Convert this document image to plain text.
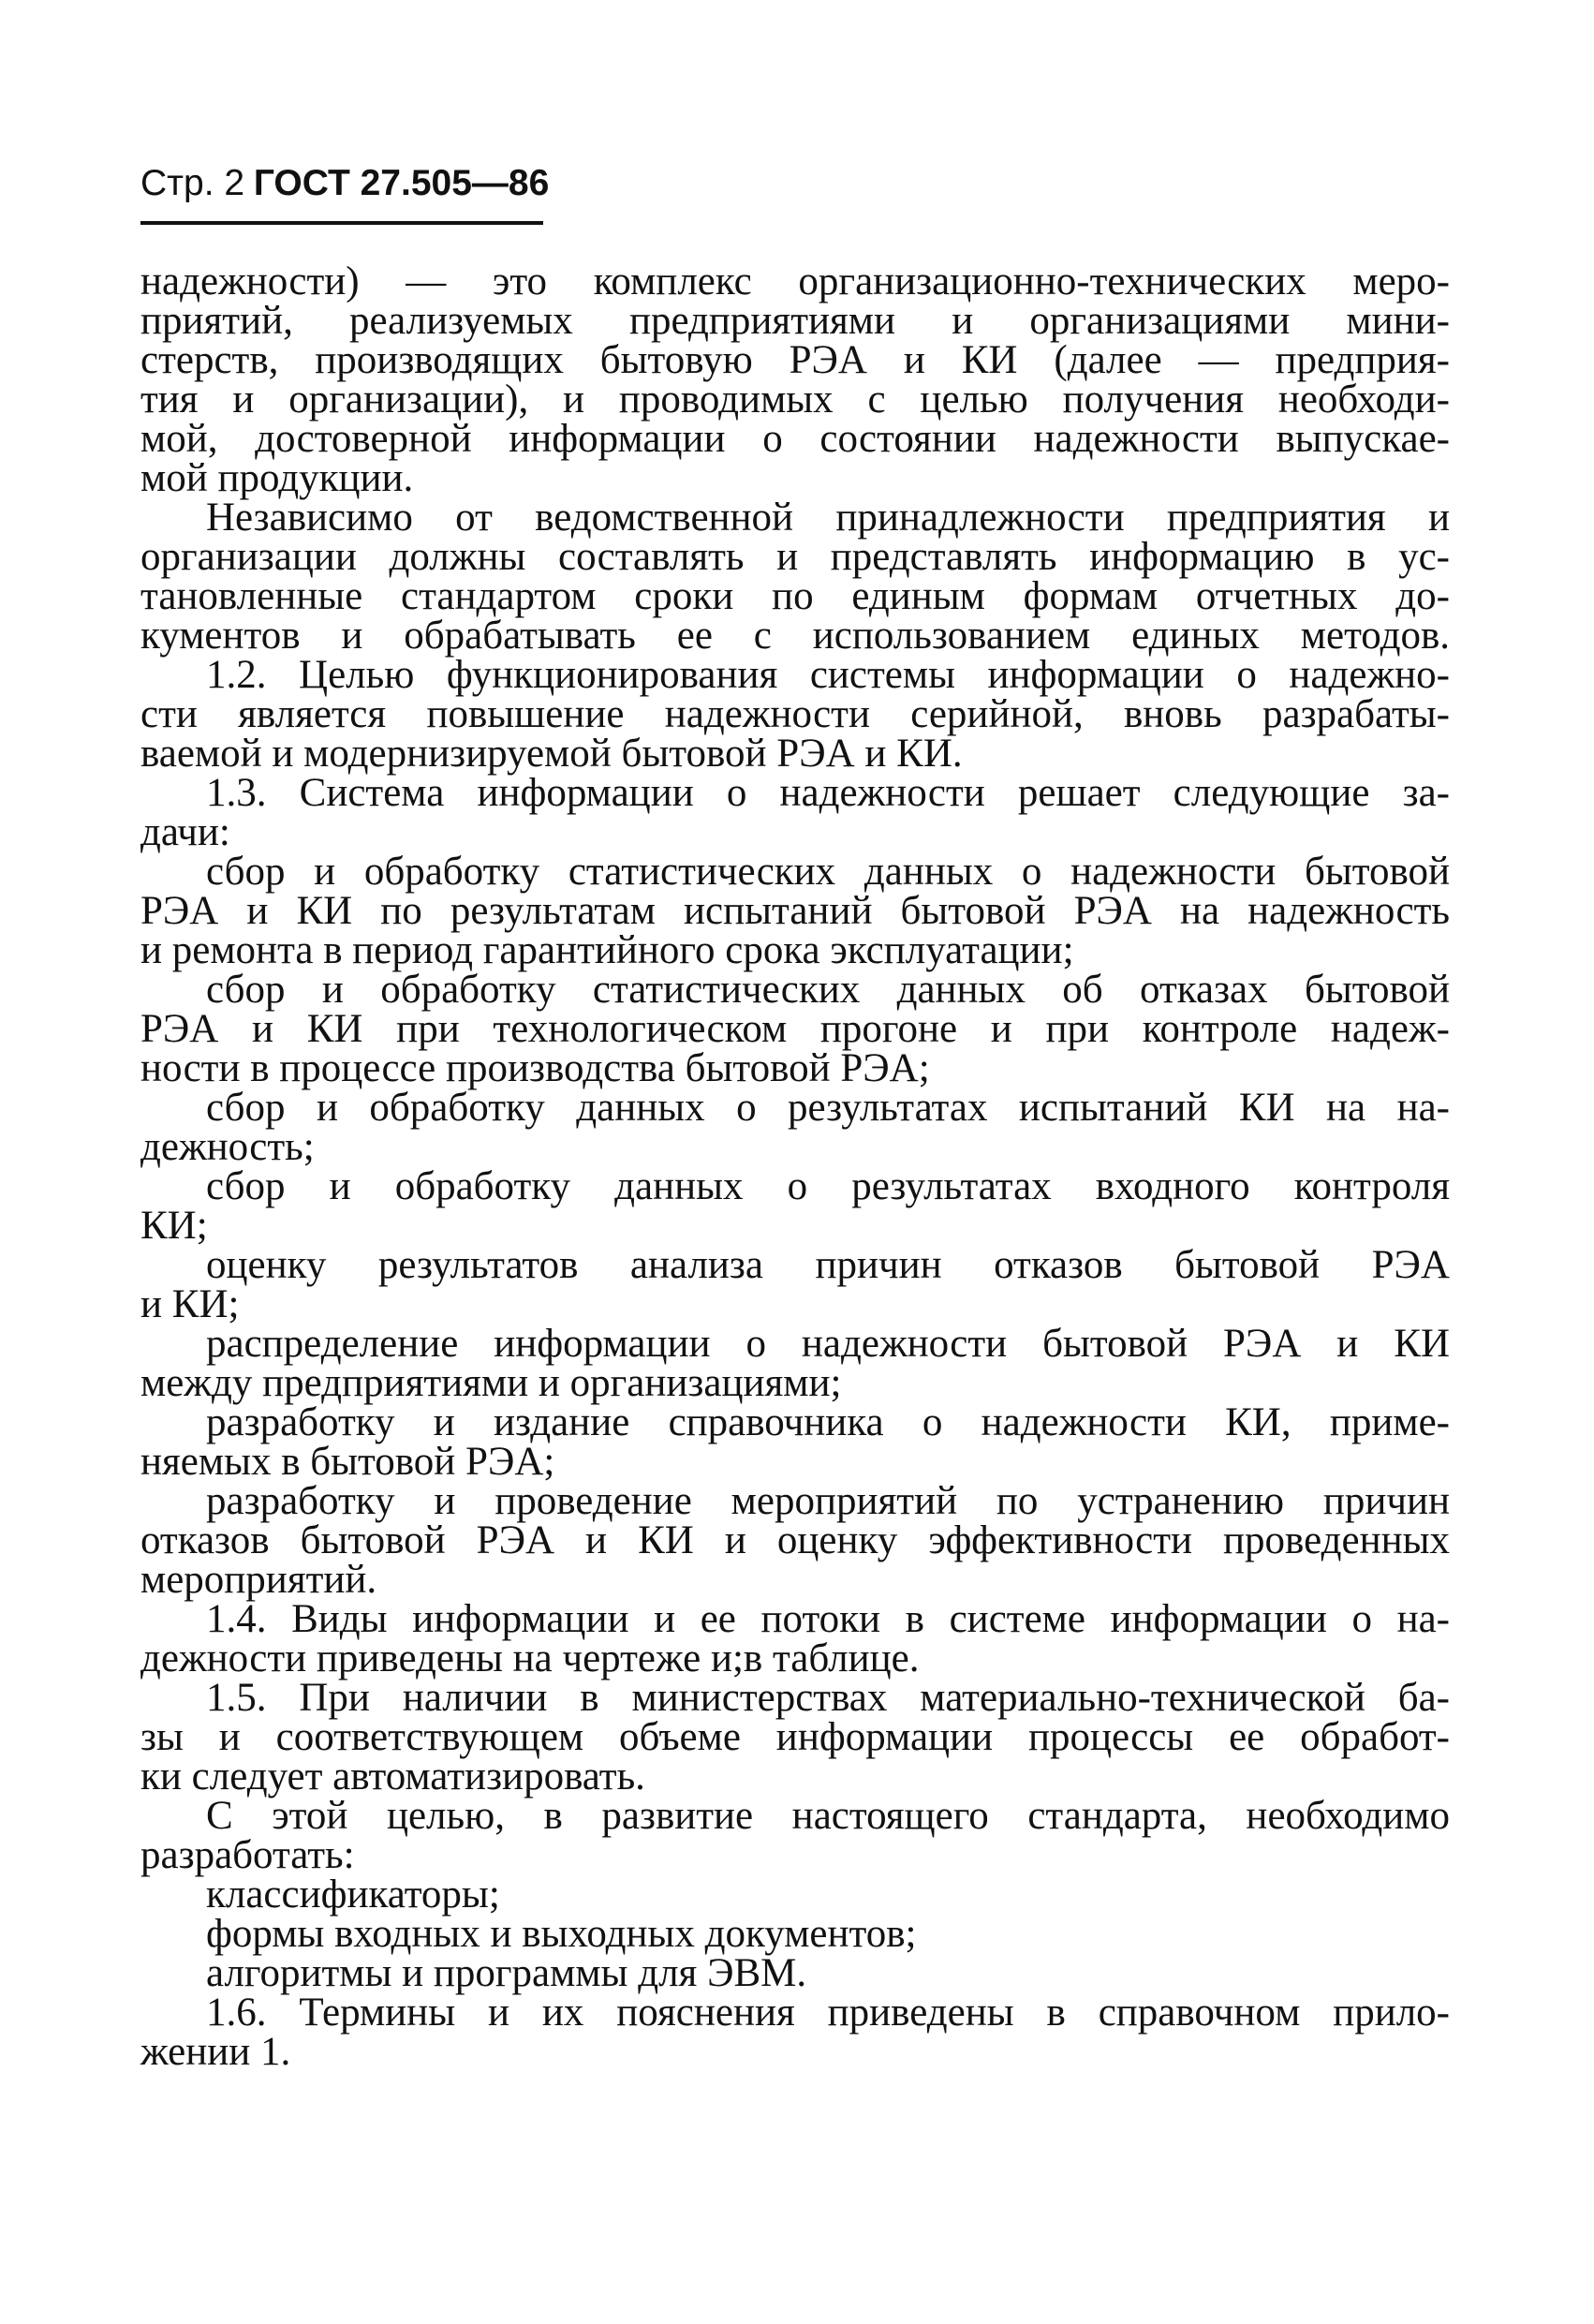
Стр. 2 ГОСТ 27.505—86
надежности) — это комплекс организационно-технических меро-
приятий, реализуемых предприятиями и организациями мини-
стерств, производящих бытовую РЭА и КИ (далее — предприя-
тия и организации), и проводимых с целью получения необходи-
мой, достоверной информации о состоянии надежности выпускае-
мой продукции.
Независимо от ведомственной принадлежности предприятия и
организации должны составлять и представлять информацию в ус-
тановленные стандартом сроки по единым формам отчетных до-
кументов и обрабатывать ее с использованием единых методов.
1.2. Целью функционирования системы информации о надежно-
сти является повышение надежности серийной, вновь разрабаты-
ваемой и модернизируемой бытовой РЭА и КИ.
1.3. Система информации о надежности решает следующие за-
дачи:
сбор и обработку статистических данных о надежности бытовой
РЭА и КИ по результатам испытаний бытовой РЭА на надежность
и ремонта в период гарантийного срока эксплуатации;
сбор и обработку статистических данных об отказах бытовой
РЭА и КИ при технологическом прогоне и при контроле надеж-
ности в процессе производства бытовой РЭА;
сбор и обработку данных о результатах испытаний КИ на на-
дежность;
сбор и обработку данных о результатах входного контроля
КИ;
оценку результатов анализа причин отказов бытовой РЭА
и КИ;
распределение информации о надежности бытовой РЭА и КИ
между предприятиями и организациями;
разработку и издание справочника о надежности КИ, приме-
няемых в бытовой РЭА;
разработку и проведение мероприятий по устранению причин
отказов бытовой РЭА и КИ и оценку эффективности проведенных
мероприятий.
1.4. Виды информации и ее потоки в системе информации о на-
дежности приведены на чертеже и;в таблице.
1.5. При наличии в министерствах материально-технической ба-
зы и соответствующем объеме информации процессы ее обработ-
ки следует автоматизировать.
С этой целью, в развитие настоящего стандарта, необходимо
разработать:
классификаторы;
формы входных и выходных документов;
алгоритмы и программы для ЭВМ.
1.6. Термины и их пояснения приведены в справочном прило-
жении 1.
